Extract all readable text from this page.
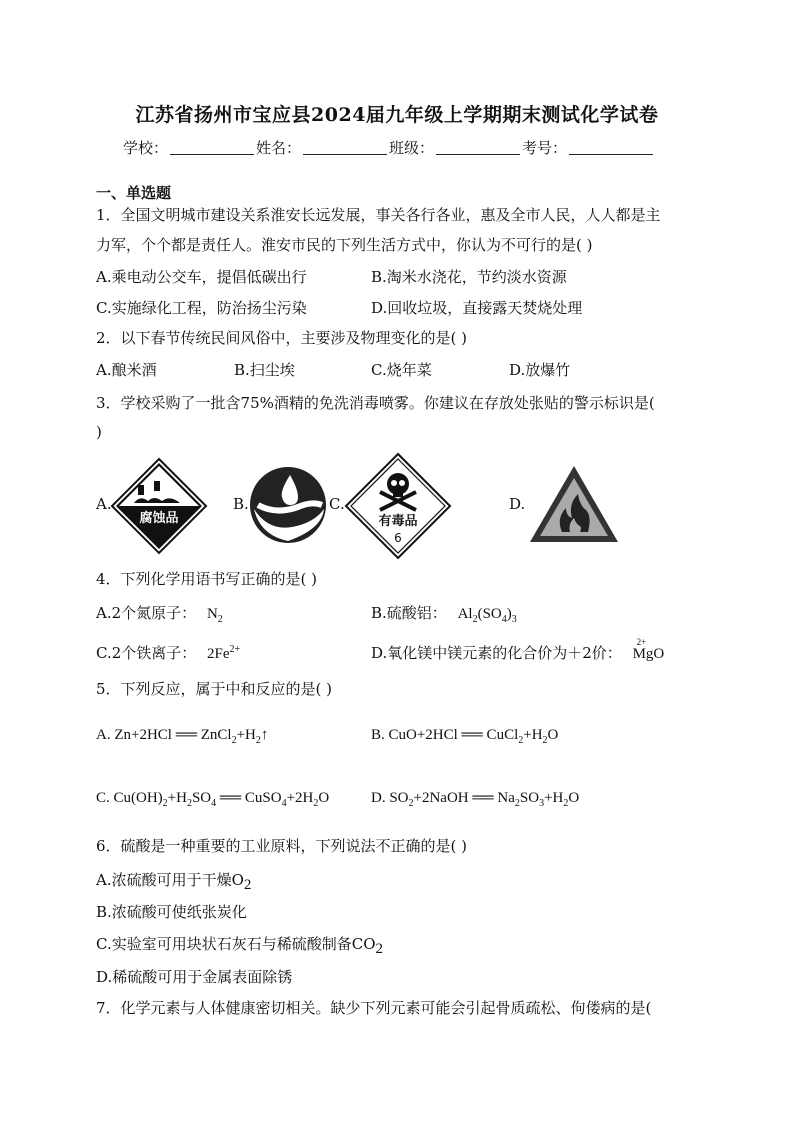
江苏省扬州市宝应县2024届九年级上学期期末测试化学试卷
学校：	姓名：	班级：	考号：
一、单选题
1．全国文明城市建设关系淮安长远发展，事关各行各业，惠及全市人民，人人都是主
力军，个个都是责任人。淮安市民的下列生活方式中，你认为不可行的是( )
A.乘电动公交车，提倡低碳出行	B.淘米水浇花，节约淡水资源
C.实施绿化工程，防治扬尘污染	D.回收垃圾，直接露天焚烧处理
2．以下春节传统民间风俗中，主要涉及物理变化的是( )
A.酿米酒	B.扫尘埃	C.烧年菜	D.放爆竹
3．学校采购了一批含75%酒精的免洗消毒喷雾。你建议在存放处张贴的警示标识是(
)
A.
腐蚀品
B.	C.
有毒品
6
D.
4．下列化学用语书写正确的是( )
A.2个氮原子： $N_2$	B.硫酸铝： $Al_2(SO_4)_3$
C.2个铁离子： $2Fe^{2+}$	D.氧化镁中镁元素的化合价为＋2价：
2+
MgO
5．下列反应，属于中和反应的是( )
A. Zn+2HCl ══ $ZnCl_2+H_2↑$	B. CuO+2HCl ══ $CuCl_2+H_2O$
C. $Cu(OH)_2+H_2SO_4$ ══ $CuSO_4+2H_2O$	D. $SO_2+2NaOH$ ══ $Na_2SO_3+H_2O$
6．硫酸是一种重要的工业原料，下列说法不正确的是( )
A.浓硫酸可用于干燥$O_2$
B.浓硫酸可使纸张炭化
C.实验室可用块状石灰石与稀硫酸制备$CO_2$
D.稀硫酸可用于金属表面除锈
7．化学元素与人体健康密切相关。缺少下列元素可能会引起骨质疏松、佝偻病的是(
